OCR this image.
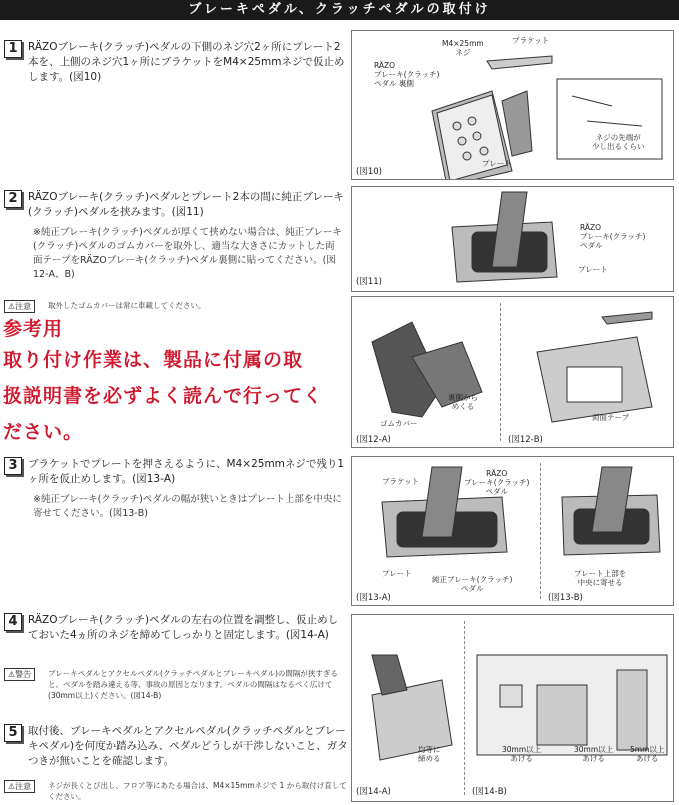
ブレーキペダル、クラッチペダルの取付け
1 RÄZOブレーキ(クラッチ)ペダルの下側のネジ穴2ヶ所にプレート2本を、上側のネジ穴1ヶ所にブラケットをM4×25mmネジで仮止めします。(図10)
2 RÄZOブレーキ(クラッチ)ペダルとプレート2本の間に純正ブレーキ(クラッチ)ペダルを挟みます。(図11)
※純正ブレーキ(クラッチ)ペダルが厚くて挟めない場合は、純正ブレーキ(クラッチ)ペダルのゴムカバーを取外し、適当な大きさにカットした両面テープをRÄZOブレーキ(クラッチ)ペダル裏側に貼ってください。(図12-A、B)
⚠注意	取外したゴムカバーは常に車載してください。
参考用
取り付け作業は、製品に付属の取
扱説明書を必ずよく読んで行ってく
ださい。
3 ブラケットでプレートを押さえるように、M4×25mmネジで残り1ヶ所を仮止めします。(図13-A)
※純正ブレーキ(クラッチ)ペダルの幅が狭いときはプレート上部を中央に寄せてください。(図13-B)
4 RÄZOブレーキ(クラッチ)ペダルの左右の位置を調整し、仮止めしておいた4ヵ所のネジを締めてしっかりと固定します。(図14-A)
⚠警告	ブレーキペダルとアクセルペダル(クラッチペダルとブレーキペダル)の間隔が狭すぎると、ペダルを踏み違える等、事故の原因となります。ペダルの間隔はなるべく広けて(30mm以上)ください。(図14-B)
5 取付後、ブレーキペダルとアクセルペダル(クラッチペダルとブレーキペダル)を何度か踏み込み、ペダルどうしが干渉しないこと、ガタつきが無いことを確認します。
⚠注意	ネジが長くとび出し、フロア等にあたる場合は、M4×15mmネジで 1 から取付け直してください。
M4×25mm
ネジ
ブラケット
RÄZO
ブレーキ(クラッチ)
ペダル 裏側
プレート
ネジの先端が
少し出るくらい
(図10)
RÄZO
ブレーキ(クラッチ)
ペダル
プレート
(図11)
裏側から
めくる
ゴムカバー
両面テープ
(図12-A)	(図12-B)
ブラケット
RÄZO
ブレーキ(クラッチ)
ペダル
プレート
純正ブレーキ(クラッチ)
ペダル
プレート上部を
中央に寄せる
(図13-A)	(図13-B)
均等に
締める
30mm以上
あける
30mm以上
あける
5mm以上
あける
(図14-A)	(図14-B)
